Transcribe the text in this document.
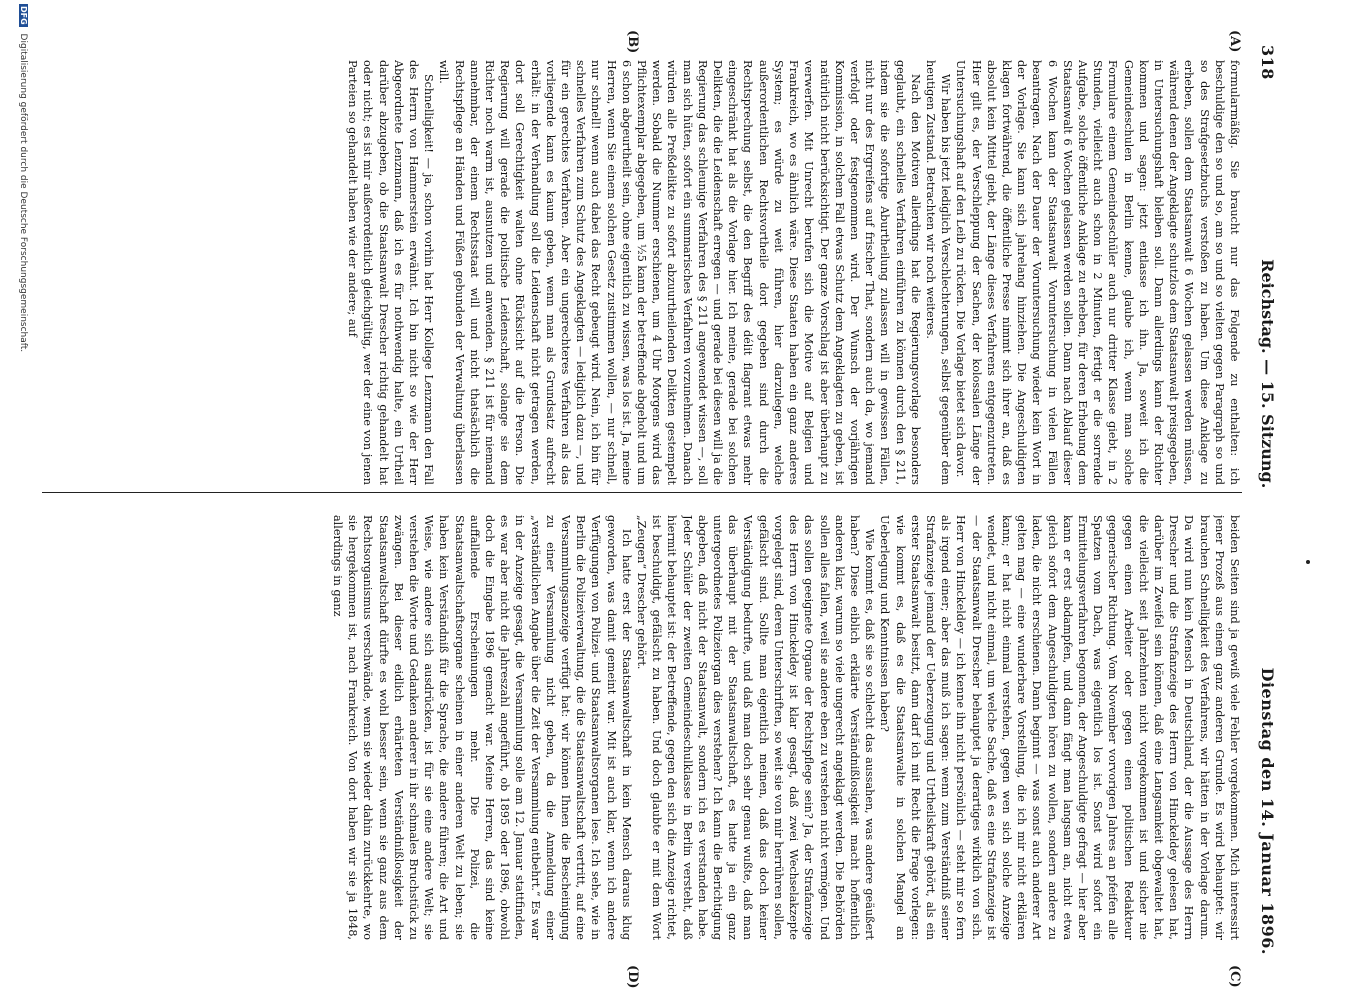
318
Reichstag. — 15. Sitzung.
Dienstag den 14. Januar 1896.
(A)
(B)
(C)
(D)

formularmäßig. Sie braucht nur das Folgende zu enthalten: ich beschuldige den so und so, am so und so vielten gegen Paragraph so und so des Strafgesetzbuchs verstoßen zu haben. Um diese Anklage zu erheben, sollen dem Staatsanwalt 6 Wochen gelassen werden müssen, während denen der Angeklagte schutzlos dem Staatsanwalt preisgegeben, in Untersuchungshaft bleiben soll. Dann allerdings kann der Richter kommen und sagen: jetzt entlasse ich ihn. Ja, soweit ich die Gemeindeschulen in Berlin kenne, glaube ich, wenn man solche Formulare einem Gemeindeschüler auch nur dritter Klasse giebt, in 2 Stunden, vielleicht auch schon in 2 Minuten, fertigt er die sorrende Aufgabe, solche öffentliche Anklage zu erheben, für deren Erhebung dem Staatsanwalt 6 Wochen gelassen werden sollen. Dann nach Ablauf dieser 6 Wochen kann der Staatsanwalt Voruntersuchung in vielen Fällen beantragen. Nach der Dauer der Voruntersuchung wieder kein Wort in der Vorlage. Sie kann sich jahrelang hinziehen. Die Angeschuldigten klagen fortwährend, die öffentliche Presse nimmt sich ihrer an, daß es absolut kein Mittel giebt, der Länge dieses Verfahrens entgegenzutreten. Hier gilt es, der Verschleppung der Sachen, der kolossalen Länge der Untersuchungshaft auf den Leib zu rücken. Die Vorlage bietet sich davor.

Wir haben bis jetzt lediglich Verschlechterungen, selbst gegenüber dem heutigen Zustand. Betrachten wir noch weiteres.

Nach den Motiven allerdings hat die Regierungsvorlage besonders geglaubt, ein schnelles Verfahren einführen zu können durch den § 211, indem sie die sofortige Aburtheilung zulassen will in gewissen Fällen, nicht nur des Ergreifens auf frischer That, sondern auch da, wo jemand verfolgt oder festgenommen wird. Der Wunsch der vorjährigen Kommission, in solchem Fall etwas Schutz dem Angeklagten zu geben, ist natürlich nicht berücksichtigt. Der ganze Vorschlag ist aber überhaupt zu verwerfen. Mit Unrecht berufen sich die Motive auf Belgien und Frankreich, wo es ähnlich wäre. Diese Staaten haben ein ganz anderes System; es würde zu weit führen, hier darzulegen, welche außerordentlichen Rechtsvortheile dort gegeben sind durch die Rechtsprechung selbst, die den Begriff des délit flagrant etwas mehr eingeschränkt hat als die Vorlage hier. Ich meine, gerade bei solchen Delikten, die die Leidenschaft erregen — und gerade bei diesen will ja die Regierung das schleunige Verfahren des § 211 angewendet wissen —, soll man sich hüten, sofort ein summarisches Verfahren vorzunehmen. Danach würden alle Preßdelikte zu sofort abzuurtheilenden Delikten gestempelt werden. Sobald die Nummer erschienen, um 4 Uhr Morgens wird das Pflichtexemplar abgegeben, um ½5 kann der betreffende abgeholt und um 6 schon abgeurtheilt sein, ohne eigentlich zu wissen, was los ist. Ja, meine Herren, wenn Sie einem solchen Gesetz zustimmen wollen, — nur schnell, nur schnell! wenn auch dabei das Recht gebeugt wird. Nein, ich bin für schnelles Verfahren zum Schutz des Angeklagten — lediglich dazu —, und für ein gerechtes Verfahren. Aber ein ungerechteres Verfahren als das vorliegende kann es kaum geben, wenn man als Grundsatz aufrecht erhält: in der Verhandlung soll die Leidenschaft nicht getragen werden, dort soll Gerechtigkeit walten ohne Rücksicht auf die Person. Die Regierung will gerade die politische Leidenschaft, solange sie dem Richter noch warm ist, ausnutzen und anwenden. § 211 ist für niemand annehmbar, der einem Rechtsstaat will und nicht thatsächlich die Rechtspflege an Händen und Füßen gebunden der Verwaltung überlassen will.

Schnelligkeit! — ja, schon vorhin hat Herr Kollege Lenzmann den Fall des Herrn von Hammerstein erwähnt. Ich bin nicht so wie der Herr Abgeordnete Lenzmann, daß ich es für nothwendig halte, ein Urtheil darüber abzugeben, ob die Staatsanwalt Drescher richtig gehandelt hat oder nicht; es ist mir außerordentlich gleichgültig, wer der eine von jenen Parteien so gehandelt haben wie der andere; auf

beiden Seiten sind ja gewiß viele Fehler vorgekommen. Mich interessirt jener Prozeß aus einem ganz anderen Grunde. Es wird behauptet: wir brauchen Schnelligkeit des Verfahrens, wir hätten in der Vorlage darum. Da wird nun kein Mensch in Deutschland, der die Aussage des Herrn Drescher und die Strafanzeige des Herrn von Hinckeldey gelesen hat, darüber im Zweifel sein können, daß eine Langsamkeit obgewaltet hat, die vielleicht seit Jahrzehnten nicht vorgekommen ist und sicher nie gegen einen Arbeiter oder gegen einen politischen Redakteur gegnerischer Richtung. Vom November vorvorigen Jahres an pfeifen alle Spatzen vom Dach, was eigentlich los ist. Sonst wird sofort ein Ermittelungsverfahren begonnen, der Angeschuldigte gefragt — hier aber kann er erst abdampfen, und dann fängt man langsam an, nicht etwa gleich sofort dem Angeschuldigten hören zu wollen, sondern andere zu laden, die nicht erschienen. Dann beginnt — was sonst auch anderer Art gelten mag — eine wunderbare Vorstellung, die ich mir nicht erklären kann; er hat nicht einmal verstehen, gegen wen sich solche Anzeige wendet, und nicht einmal, um welche Sache, daß es eine Strafanzeige ist — der Staatsanwalt Drescher behauptet ja derartiges wirklich von sich. Herr von Hinckeldey — ich kenne ihn nicht persönlich — steht mir so fern als irgend einer; aber das muß ich sagen: wenn zum Verständniß seiner Strafanzeige jemand der Ueberzeugung und Urtheilskraft gehört, als ein erster Staatsanwalt besitzt, dann darf ich mit Recht die Frage vorlegen: wie kommt es, daß es die Staatsanwalte in solchen Mangel an Ueberlegung und Kenntnissen haben?

Wie kommt es, daß sie so schlecht das aussahen, was andere geäußert haben? Diese eiblich erklärte Verständnißlosigkeit macht hoffentlich anderen klar, warum so viele ungerecht angeklagt werden. Die Behörden sollen alles fallen, weil sie andere eben zu verstehen nicht vermögen. Und das sollen geeignete Organe der Rechtspflege sein? Ja, der Strafanzeige des Herrn von Hinckeldey ist klar gesagt, daß zwei Wechselakzepte vorgelegt sind, deren Unterschriften, so weit sie von mir herrühren sollen, gefälscht sind. Sollte man eigentlich meinen, daß das doch keiner Verständigung bedurfte, und daß man doch sehr genau wußte, daß man das überhaupt mit der Staatsanwaltschaft, es hatte ja ein ganz untergeordnetes Polizeiorgan dies verstehen? Ich kann die Berichtigung abgeben, daß nicht der Staatsanwalt, sondern ich es verstanden habe. Jeder Schüler der zweiten Gemeindeschulklasse in Berlin versteht, daß hiermit behauptet ist: der Betreffende, gegen den sich die Anzeige richtet, ist beschuldigt, gefälscht zu haben. Und doch glaubte er mit dem Wort „Zeugen“ Drescher gehört.

Ich hatte erst der Staatsanwaltschaft in kein Mensch daraus klug geworden, was damit gemeint war. Mit ist auch klar, wenn ich andere Verfügungen von Polizei- und Staatsanwaltsorganen lese. Ich sehe, wie in Berlin die Polizeiverwaltung, die die Staatsanwaltschaft vertritt, auf eine Versammlungsanzeige verfügt hat: wir können Ihnen die Bescheinigung zu einer Versammlung nicht geben, da die Anmeldung einer „verständlichen Angabe über die Zeit der Versammlung entbehrt.“ Es war in der Anzeige gesagt, die Versammlung solle am 12. Januar stattfinden, es war aber nicht die Jahreszahl angeführt, ob 1895 oder 1896, obwohl doch die Eingabe 1896 gemacht war. Meine Herren, das sind keine auffallende Erscheinungen mehr. Die Polizei, die Staatsanwaltschaftsorgane scheinen in einer anderen Welt zu leben; sie haben kein Verständniß für die Sprache, die andere führen; die Art und Weise, wie andere sich ausdrücken, ist für sie eine andere Welt; sie verstehen die Worte und Gedanken anderer in ihr schmales Bruchstück zu zwängen. Bei dieser eidlich erhärteten Verständnißlosigkeit der Staatsanwaltschaft dürfte es wohl besser sein, wenn sie ganz aus dem Rechtsorganismus verschwände, wenn sie wieder dahin zurückkehrte, wo sie hergekommen ist, nach Frankreich. Von dort haben wir sie ja 1848, allerdings in ganz

DFG Digitalisierung gefördert durch die Deutsche Forschungsgemeinschaft.
